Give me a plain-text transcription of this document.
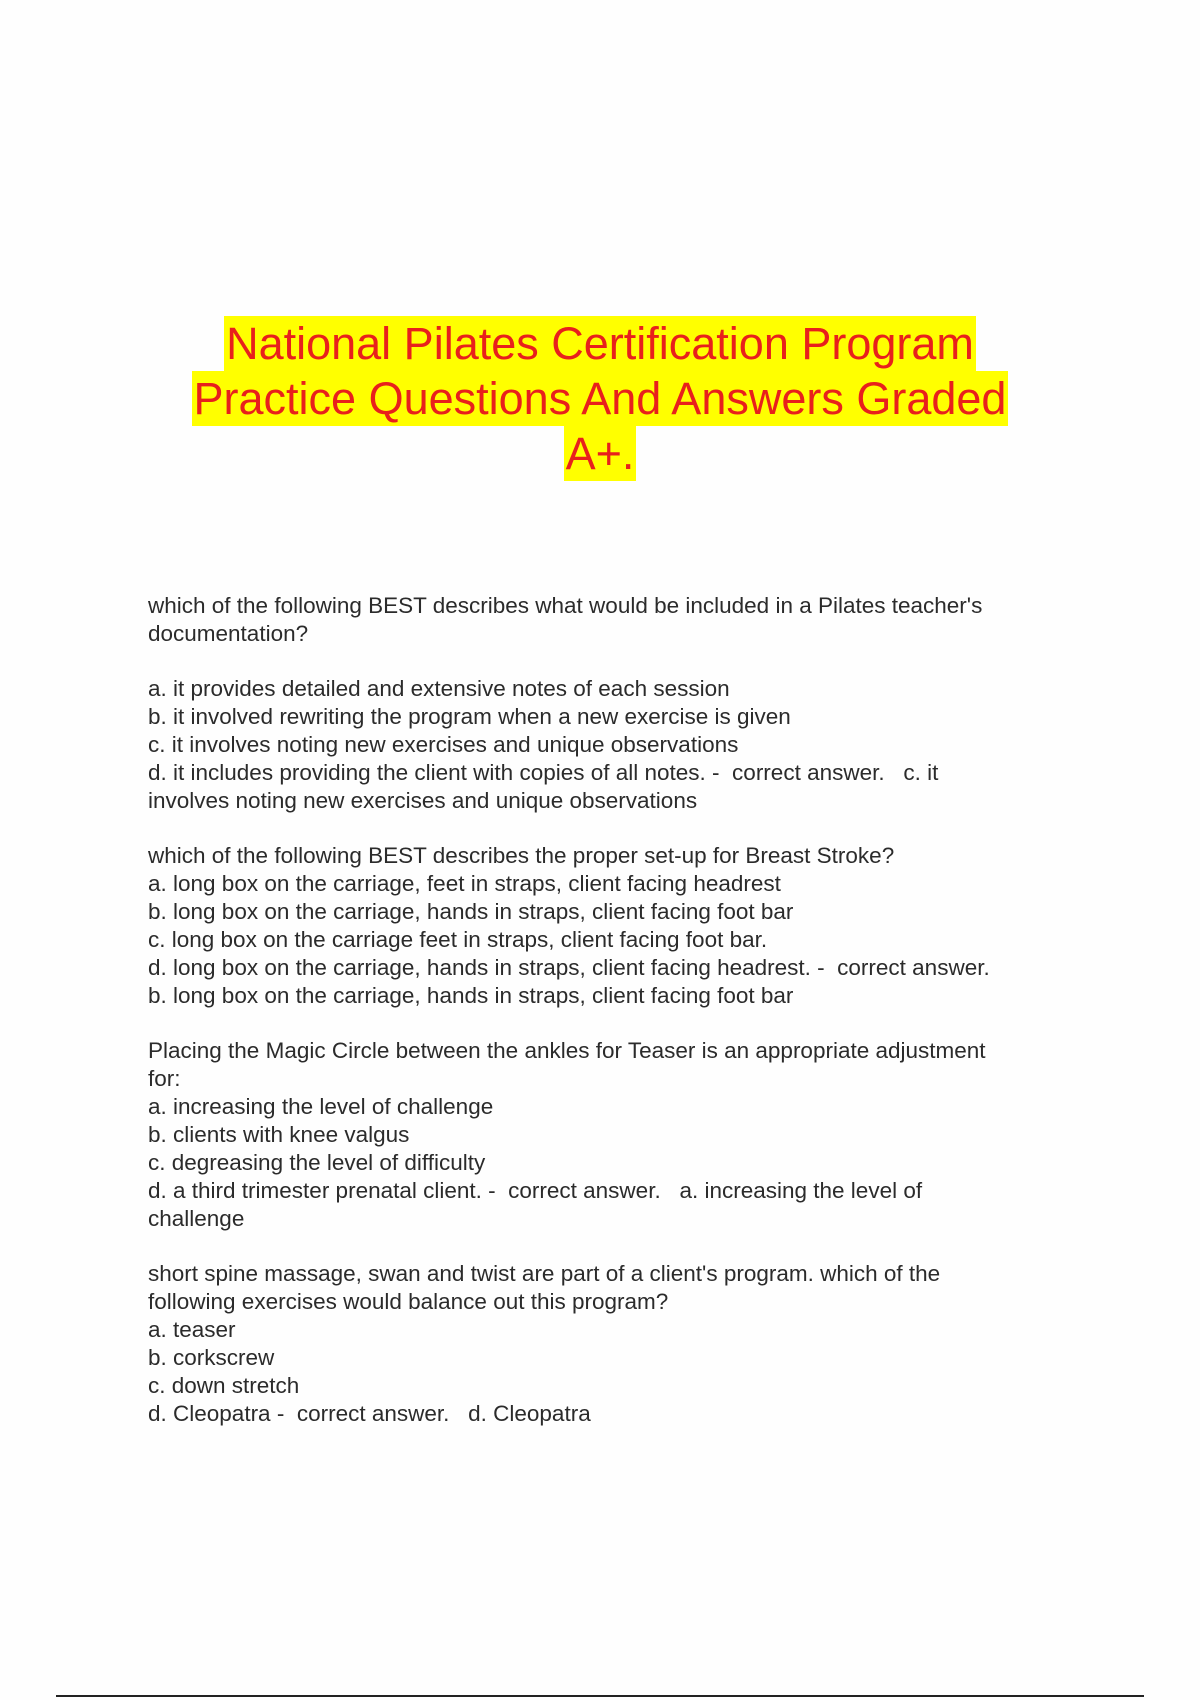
National Pilates Certification Program
Practice Questions And Answers Graded
A+.
which of the following BEST describes what would be included in a Pilates teacher's
documentation?
a. it provides detailed and extensive notes of each session
b. it involved rewriting the program when a new exercise is given
c. it involves noting new exercises and unique observations
d. it includes providing the client with copies of all notes. -  correct answer.   c. it
involves noting new exercises and unique observations
which of the following BEST describes the proper set-up for Breast Stroke?
a. long box on the carriage, feet in straps, client facing headrest
b. long box on the carriage, hands in straps, client facing foot bar
c. long box on the carriage feet in straps, client facing foot bar.
d. long box on the carriage, hands in straps, client facing headrest. -  correct answer.
b. long box on the carriage, hands in straps, client facing foot bar
Placing the Magic Circle between the ankles for Teaser is an appropriate adjustment
for:
a. increasing the level of challenge
b. clients with knee valgus
c. degreasing the level of difficulty
d. a third trimester prenatal client. -  correct answer.   a. increasing the level of
challenge
short spine massage, swan and twist are part of a client's program. which of the
following exercises would balance out this program?
a. teaser
b. corkscrew
c. down stretch
d. Cleopatra -  correct answer.   d. Cleopatra
